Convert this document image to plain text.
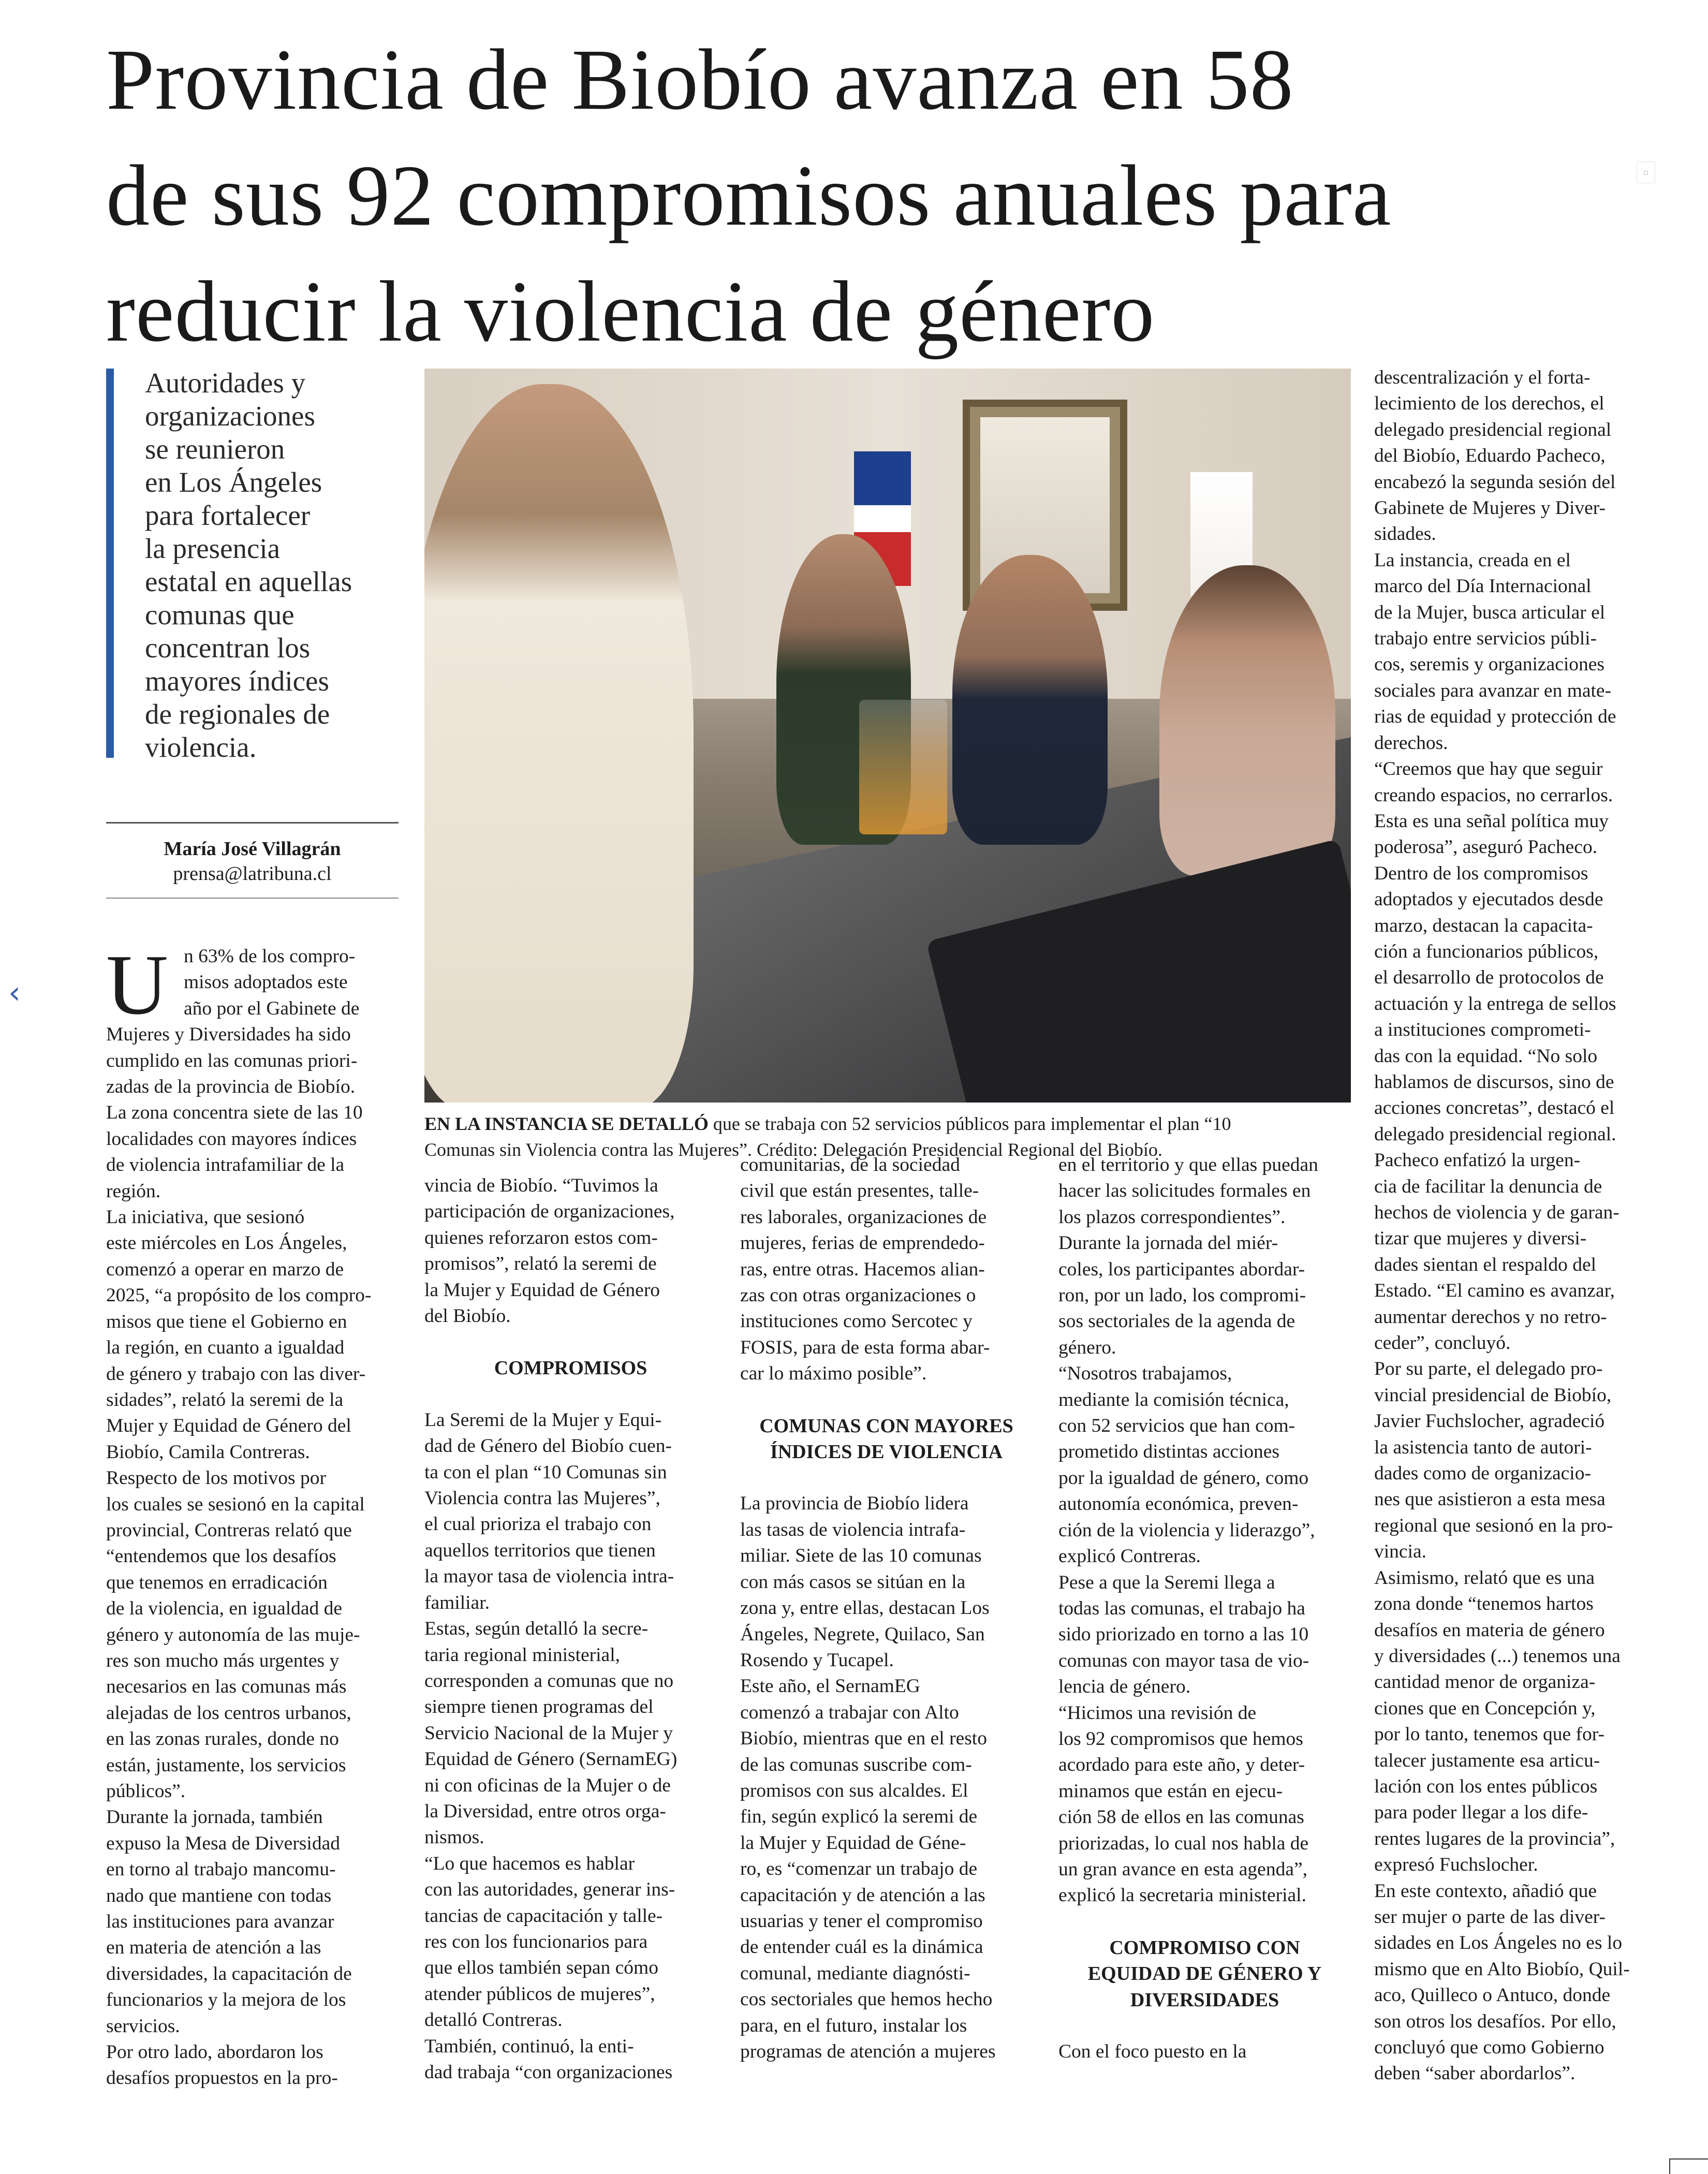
Provincia de Biobío avanza en 58
de sus 92 compromisos anuales para
reducir la violencia de género
▫
‹

Autoridades y
organizaciones
se reunieron
en Los Ángeles
para fortalecer
la presencia
estatal en aquellas
comunas que
concentran los
mayores índices
de regionales de
violencia.

María José Villagrán
prensa@latribuna.cl

EN LA INSTANCIA SE DETALLÓ que se trabaja con 52 servicios públicos para implementar el plan “10
Comunas sin Violencia contra las Mujeres”. Crédito: Delegación Presidencial Regional del Biobío.

U n 63% de los compro-
misos adoptados este
año por el Gabinete de
Mujeres y Diversidades ha sido
cumplido en las comunas priori-
zadas de la provincia de Biobío.
La zona concentra siete de las 10
localidades con mayores índices
de violencia intrafamiliar de la
región.
La iniciativa, que sesionó
este miércoles en Los Ángeles,
comenzó a operar en marzo de
2025, “a propósito de los compro-
misos que tiene el Gobierno en
la región, en cuanto a igualdad
de género y trabajo con las diver-
sidades”, relató la seremi de la
Mujer y Equidad de Género del
Biobío, Camila Contreras.
Respecto de los motivos por
los cuales se sesionó en la capital
provincial, Contreras relató que
“entendemos que los desafíos
que tenemos en erradicación
de la violencia, en igualdad de
género y autonomía de las muje-
res son mucho más urgentes y
necesarios en las comunas más
alejadas de los centros urbanos,
en las zonas rurales, donde no
están, justamente, los servicios
públicos”.
Durante la jornada, también
expuso la Mesa de Diversidad
en torno al trabajo mancomu-
nado que mantiene con todas
las instituciones para avanzar
en materia de atención a las
diversidades, la capacitación de
funcionarios y la mejora de los
servicios.
Por otro lado, abordaron los
desafíos propuestos en la pro-
vincia de Biobío. “Tuvimos la
participación de organizaciones,
quienes reforzaron estos com-
promisos”, relató la seremi de
la Mujer y Equidad de Género
del Biobío.
COMPROMISOS
La Seremi de la Mujer y Equi-
dad de Género del Biobío cuen-
ta con el plan “10 Comunas sin
Violencia contra las Mujeres”,
el cual prioriza el trabajo con
aquellos territorios que tienen
la mayor tasa de violencia intra-
familiar.
Estas, según detalló la secre-
taria regional ministerial,
corresponden a comunas que no
siempre tienen programas del
Servicio Nacional de la Mujer y
Equidad de Género (SernamEG)
ni con oficinas de la Mujer o de
la Diversidad, entre otros orga-
nismos.
“Lo que hacemos es hablar
con las autoridades, generar ins-
tancias de capacitación y talle-
res con los funcionarios para
que ellos también sepan cómo
atender públicos de mujeres”,
detalló Contreras.
También, continuó, la enti-
dad trabaja “con organizaciones
comunitarias, de la sociedad
civil que están presentes, talle-
res laborales, organizaciones de
mujeres, ferias de emprendedo-
ras, entre otras. Hacemos alian-
zas con otras organizaciones o
instituciones como Sercotec y
FOSIS, para de esta forma abar-
car lo máximo posible”.
COMUNAS CON MAYORES
ÍNDICES DE VIOLENCIA
La provincia de Biobío lidera
las tasas de violencia intrafa-
miliar. Siete de las 10 comunas
con más casos se sitúan en la
zona y, entre ellas, destacan Los
Ángeles, Negrete, Quilaco, San
Rosendo y Tucapel.
Este año, el SernamEG
comenzó a trabajar con Alto
Biobío, mientras que en el resto
de las comunas suscribe com-
promisos con sus alcaldes. El
fin, según explicó la seremi de
la Mujer y Equidad de Géne-
ro, es “comenzar un trabajo de
capacitación y de atención a las
usuarias y tener el compromiso
de entender cuál es la dinámica
comunal, mediante diagnósti-
cos sectoriales que hemos hecho
para, en el futuro, instalar los
programas de atención a mujeres
en el territorio y que ellas puedan
hacer las solicitudes formales en
los plazos correspondientes”.
Durante la jornada del miér-
coles, los participantes abordar-
ron, por un lado, los compromi-
sos sectoriales de la agenda de
género.
“Nosotros trabajamos,
mediante la comisión técnica,
con 52 servicios que han com-
prometido distintas acciones
por la igualdad de género, como
autonomía económica, preven-
ción de la violencia y liderazgo”,
explicó Contreras.
Pese a que la Seremi llega a
todas las comunas, el trabajo ha
sido priorizado en torno a las 10
comunas con mayor tasa de vio-
lencia de género.
“Hicimos una revisión de
los 92 compromisos que hemos
acordado para este año, y deter-
minamos que están en ejecu-
ción 58 de ellos en las comunas
priorizadas, lo cual nos habla de
un gran avance en esta agenda”,
explicó la secretaria ministerial.
COMPROMISO CON
EQUIDAD DE GÉNERO Y
DIVERSIDADES
Con el foco puesto en la
descentralización y el forta-
lecimiento de los derechos, el
delegado presidencial regional
del Biobío, Eduardo Pacheco,
encabezó la segunda sesión del
Gabinete de Mujeres y Diver-
sidades.
La instancia, creada en el
marco del Día Internacional
de la Mujer, busca articular el
trabajo entre servicios públi-
cos, seremis y organizaciones
sociales para avanzar en mate-
rias de equidad y protección de
derechos.
“Creemos que hay que seguir
creando espacios, no cerrarlos.
Esta es una señal política muy
poderosa”, aseguró Pacheco.
Dentro de los compromisos
adoptados y ejecutados desde
marzo, destacan la capacita-
ción a funcionarios públicos,
el desarrollo de protocolos de
actuación y la entrega de sellos
a instituciones comprometi-
das con la equidad. “No solo
hablamos de discursos, sino de
acciones concretas”, destacó el
delegado presidencial regional.
Pacheco enfatizó la urgen-
cia de facilitar la denuncia de
hechos de violencia y de garan-
tizar que mujeres y diversi-
dades sientan el respaldo del
Estado. “El camino es avanzar,
aumentar derechos y no retro-
ceder”, concluyó.
Por su parte, el delegado pro-
vincial presidencial de Biobío,
Javier Fuchslocher, agradeció
la asistencia tanto de autori-
dades como de organizacio-
nes que asistieron a esta mesa
regional que sesionó en la pro-
vincia.
Asimismo, relató que es una
zona donde “tenemos hartos
desafíos en materia de género
y diversidades (...) tenemos una
cantidad menor de organiza-
ciones que en Concepción y,
por lo tanto, tenemos que for-
talecer justamente esa articu-
lación con los entes públicos
para poder llegar a los dife-
rentes lugares de la provincia”,
expresó Fuchslocher.
En este contexto, añadió que
ser mujer o parte de las diver-
sidades en Los Ángeles no es lo
mismo que en Alto Biobío, Quil-
aco, Quilleco o Antuco, donde
son otros los desafíos. Por ello,
concluyó que como Gobierno
deben “saber abordarlos”.
